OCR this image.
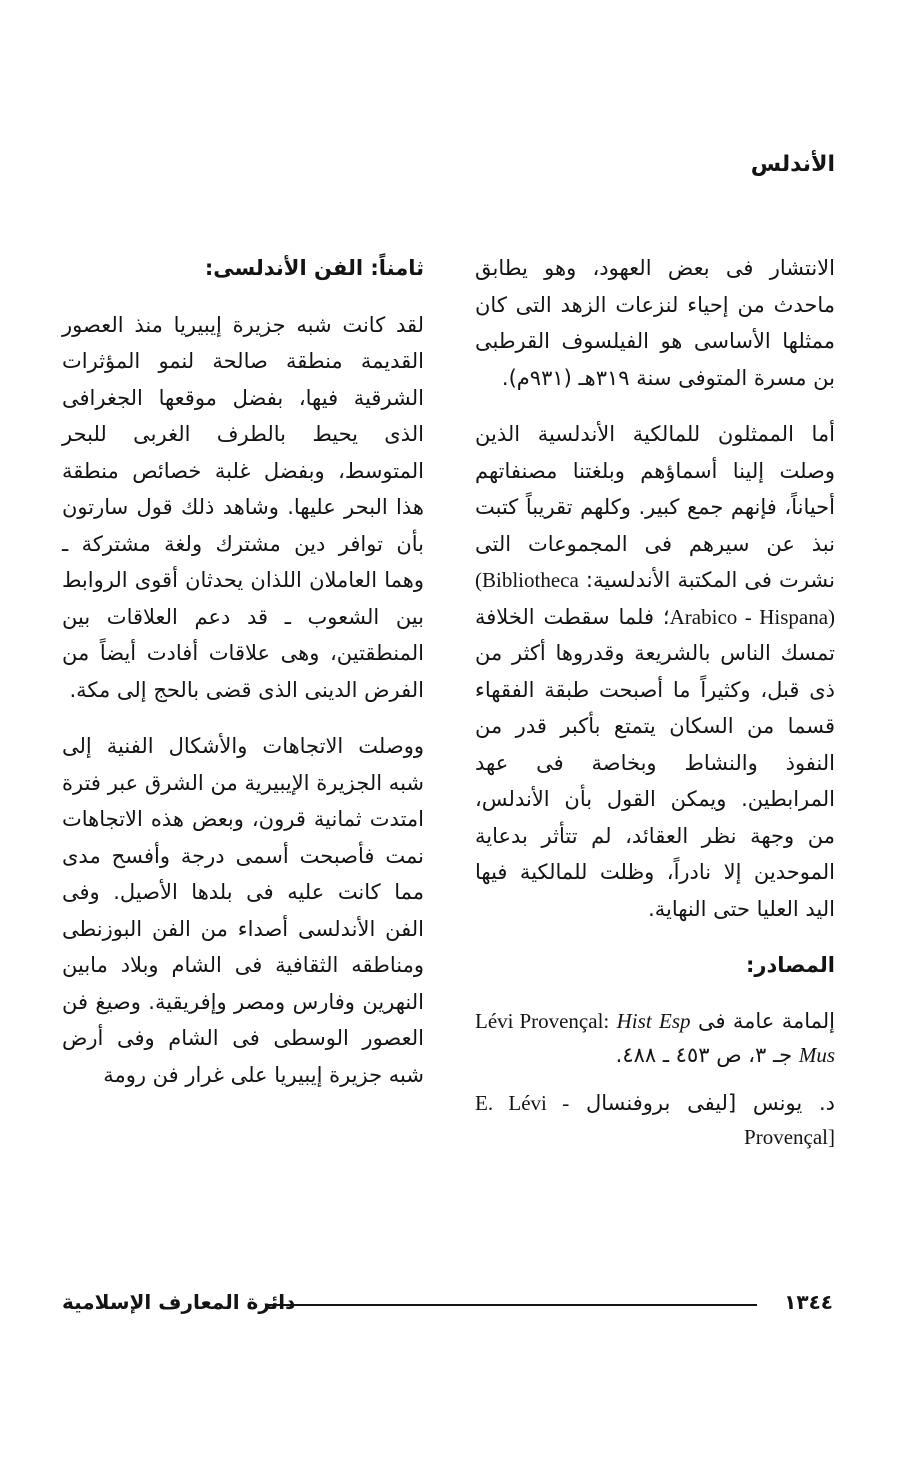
الأندلس

الانتشار فى بعض العهود، وهو يطابق ماحدث من إحياء لنزعات الزهد التى كان ممثلها الأساسى هو الفيلسوف القرطبى بن مسرة المتوفى سنة ٣١٩هـ (٩٣١م).

أما الممثلون للمالكية الأندلسية الذين وصلت إلينا أسماؤهم وبلغتنا مصنفاتهم أحياناً، فإنهم جمع كبير. وكلهم تقريباً كتبت نبذ عن سيرهم فى المجموعات التى نشرت فى المكتبة الأندلسية: (Bibliotheca Arabico - Hispana)؛ فلما سقطت الخلافة تمسك الناس بالشريعة وقدروها أكثر من ذى قبل، وكثيراً ما أصبحت طبقة الفقهاء قسما من السكان يتمتع بأكبر قدر من النفوذ والنشاط وبخاصة فى عهد المرابطين. ويمكن القول بأن الأندلس، من وجهة نظر العقائد، لم تتأثر بدعاية الموحدين إلا نادراً، وظلت للمالكية فيها اليد العليا حتى النهاية.

المصادر:

إلمامة عامة فى Lévi Provençal: Hist Esp Mus جـ ٣، ص ٤٥٣ ـ ٤٨٨.

د. يونس [ليفى بروفنسال E. Lévi - Provençal]

ثامناً: الفن الأندلسى:

لقد كانت شبه جزيرة إيبيريا منذ العصور القديمة منطقة صالحة لنمو المؤثرات الشرقية فيها، بفضل موقعها الجغرافى الذى يحيط بالطرف الغربى للبحر المتوسط، وبفضل غلبة خصائص منطقة هذا البحر عليها. وشاهد ذلك قول سارتون بأن توافر دين مشترك ولغة مشتركة ـ وهما العاملان اللذان يحدثان أقوى الروابط بين الشعوب ـ قد دعم العلاقات بين المنطقتين، وهى علاقات أفادت أيضاً من الفرض الدينى الذى قضى بالحج إلى مكة.

ووصلت الاتجاهات والأشكال الفنية إلى شبه الجزيرة الإيبيرية من الشرق عبر فترة امتدت ثمانية قرون، وبعض هذه الاتجاهات نمت فأصبحت أسمى درجة وأفسح مدى مما كانت عليه فى بلدها الأصيل. وفى الفن الأندلسى أصداء من الفن البوزنطى ومناطقه الثقافية فى الشام وبلاد مابين النهرين وفارس ومصر وإفريقية. وصيغ فن العصور الوسطى فى الشام وفى أرض شبه جزيرة إيبيريا على غرار فن رومة

١٣٤٤
دائرة المعارف الإسلامية
